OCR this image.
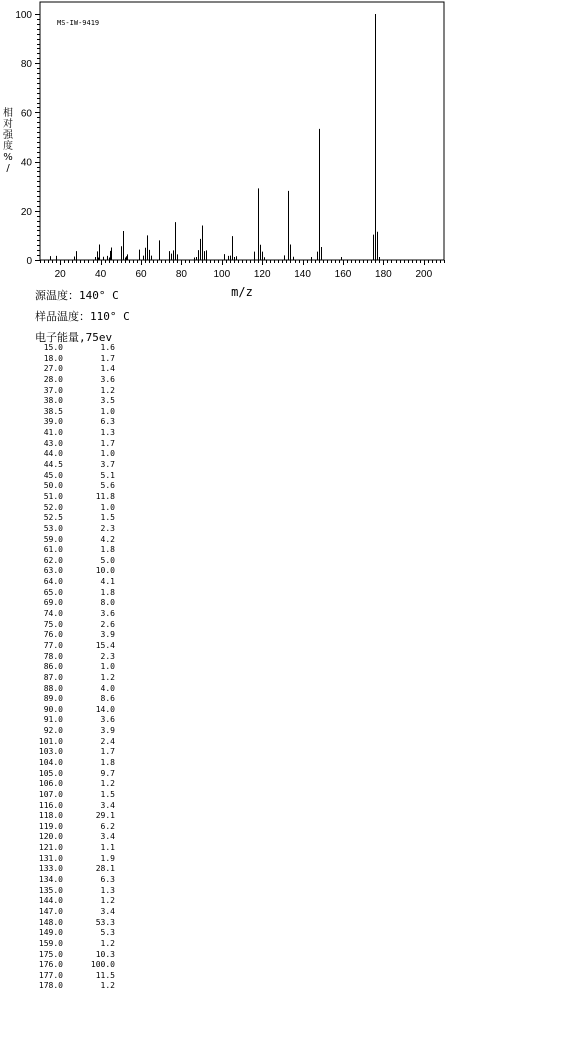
20	40	60	80	100 120 140 160 180 200
0
20
40
60
80
100
MS-IW-9419
m/z
相对强度% /
源温度：140° C
样品温度：110° C
电子能量,75ev
15.0	1.6
18.0	1.7
27.0	1.4
28.0	3.6
37.0	1.2
38.0	3.5
38.5	1.0
39.0	6.3
41.0	1.3
43.0	1.7
44.0	1.0
44.5	3.7
45.0	5.1
50.0	5.6
51.0	11.8
52.0	1.0
52.5	1.5
53.0	2.3
59.0	4.2
61.0	1.8
62.0	5.0
63.0	10.0
64.0	4.1
65.0	1.8
69.0	8.0
74.0	3.6
75.0	2.6
76.0	3.9
77.0	15.4
78.0	2.3
86.0	1.0
87.0	1.2
88.0	4.0
89.0	8.6
90.0	14.0
91.0	3.6
92.0	3.9
101.0	2.4
103.0	1.7
104.0	1.8
105.0	9.7
106.0	1.2
107.0	1.5
116.0	3.4
118.0	29.1
119.0	6.2
120.0	3.4
121.0	1.1
131.0	1.9
133.0	28.1
134.0	6.3
135.0	1.3
144.0	1.2
147.0	3.4
148.0	53.3
149.0	5.3
159.0	1.2
175.0	10.3
176.0	100.0
177.0	11.5
178.0	1.2
